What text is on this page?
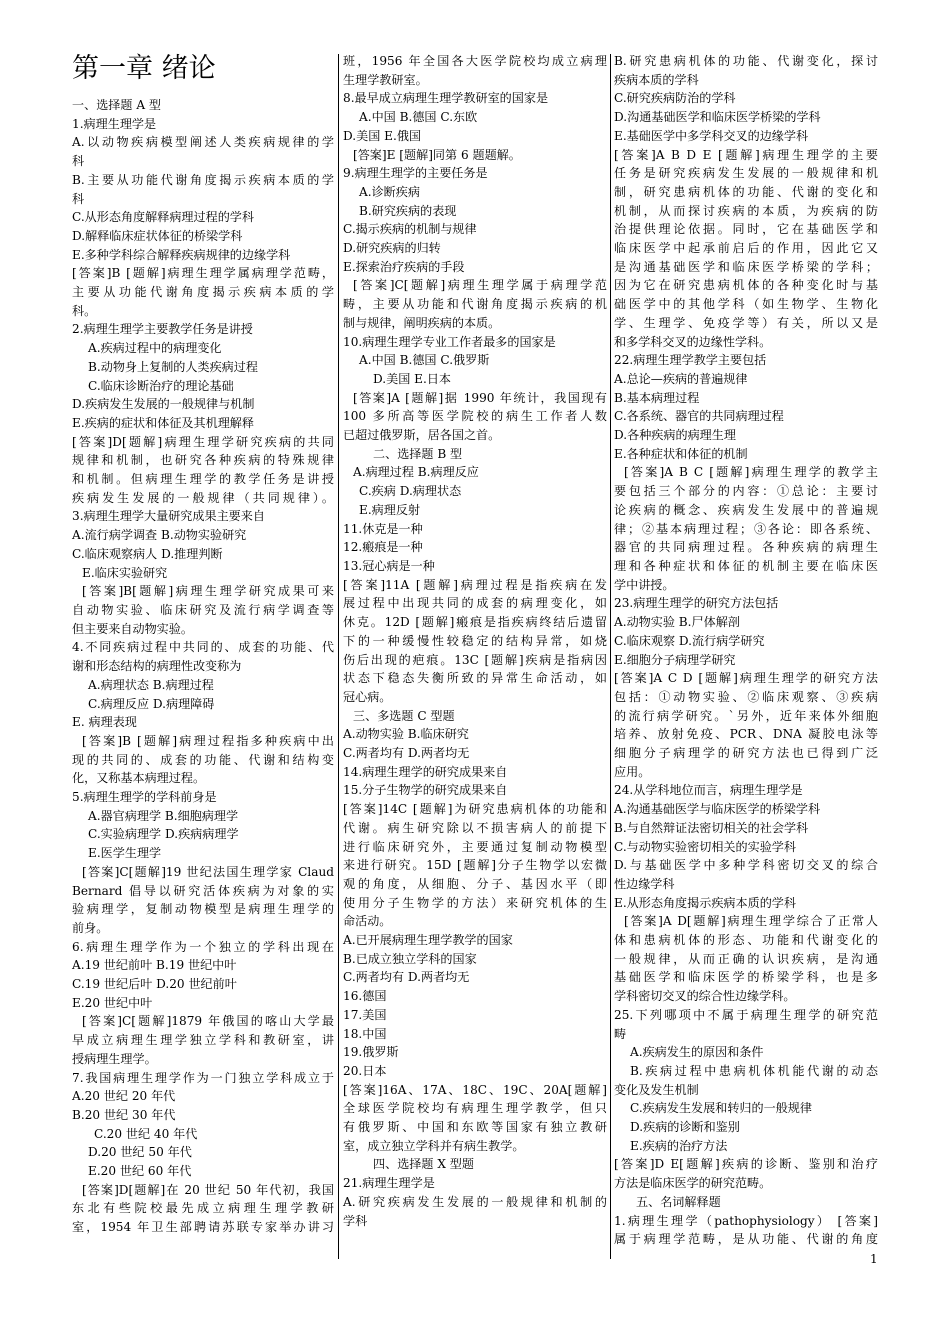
第一章 绪论
一、选择题 A 型
1.病理生理学是
A.以动物疾病模型阐述人类疾病规律的学
科
B.主要从功能代谢角度揭示疾病本质的学
科
C.从形态角度解释病理过程的学科
D.解释临床症状体征的桥梁学科
E.多种学科综合解释疾病规律的边缘学科
[答案]B [题解]病理生理学属病理学范畴，
主要从功能代谢角度揭示疾病本质的学
科。
2.病理生理学主要教学任务是讲授
A.疾病过程中的病理变化
B.动物身上复制的人类疾病过程
C.临床诊断治疗的理论基础
D.疾病发生发展的一般规律与机制
E.疾病的症状和体征及其机理解释
[答案]D[题解]病理生理学研究疾病的共同
规律和机制，也研究各种疾病的特殊规律
和机制。但病理生理学的教学任务是讲授
疾病发生发展的一般规律（共同规律）。
3.病理生理学大量研究成果主要来自
A.流行病学调查 B.动物实验研究
C.临床观察病人 D.推理判断
E.临床实验研究
[答案]B[题解]病理生理学研究成果可来
自动物实验、临床研究及流行病学调查等
但主要来自动物实验。
4.不同疾病过程中共同的、成套的功能、代
谢和形态结构的病理性改变称为
A.病理状态 B.病理过程
C.病理反应 D.病理障碍
E. 病理表现
[答案]B [题解]病理过程指多种疾病中出
现的共同的、成套的功能、代谢和结构变
化，又称基本病理过程。
5.病理生理学的学科前身是
A.器官病理学 B.细胞病理学
C.实验病理学 D.疾病病理学
E.医学生理学
[答案]C[题解]19 世纪法国生理学家 Claud
Bernard 倡导以研究活体疾病为对象的实
验病理学，复制动物模型是病理生理学的
前身。
6.病理生理学作为一个独立的学科出现在
A.19 世纪前叶 B.19 世纪中叶
C.19 世纪后叶 D.20 世纪前叶
E.20 世纪中叶
[答案]C[题解]1879 年俄国的喀山大学最
早成立病理生理学独立学科和教研室，讲
授病理生理学。
7.我国病理生理学作为一门独立学科成立于
A.20 世纪 20 年代
B.20 世纪 30 年代
C.20 世纪 40 年代
D.20 世纪 50 年代
E.20 世纪 60 年代
[答案]D[题解]在 20 世纪 50 年代初，我国
东北有些院校最先成立病理生理学教研
室，1954 年卫生部聘请苏联专家举办讲习
班，1956 年全国各大医学院校均成立病理
生理学教研室。
8.最早成立病理生理学教研室的国家是
A.中国 B.德国 C.东欧
D.美国 E.俄国
[答案]E [题解]同第 6 题题解。
9.病理生理学的主要任务是
A.诊断疾病
B.研究疾病的表现
C.揭示疾病的机制与规律
D.研究疾病的归转
E.探索治疗疾病的手段
[答案]C[题解]病理生理学属于病理学范
畴，主要从功能和代谢角度揭示疾病的机
制与规律，阐明疾病的本质。
10.病理生理学专业工作者最多的国家是
A.中国 B.德国 C.俄罗斯
D.美国 E.日本
[答案]A [题解]据 1990 年统计，我国现有
100 多所高等医学院校的病生工作者人数
已超过俄罗斯，居各国之首。
二、选择题 B 型
A.病理过程 B.病理反应
C.疾病 D.病理状态
E.病理反射
11.休克是一种
12.瘢痕是一种
13.冠心病是一种
[答案]11A [题解]病理过程是指疾病在发
展过程中出现共同的成套的病理变化，如
休克。12D [题解]瘢痕是指疾病终结后遗留
下的一种缓慢性较稳定的结构异常，如烧
伤后出现的疤痕。13C [题解]疾病是指病因
状态下稳态失衡所致的异常生命活动，如
冠心病。
三、多选题 C 型题
A.动物实验 B.临床研究
C.两者均有 D.两者均无
14.病理生理学的研究成果来自
15.分子生物学的研究成果来自
[答案]14C [题解]为研究患病机体的功能和
代谢。病生研究除以不损害病人的前提下
进行临床研究外，主要通过复制动物模型
来进行研究。15D [题解]分子生物学以宏微
观的角度，从细胞、分子、基因水平（即
使用分子生物学的方法）来研究机体的生
命活动。
A.已开展病理生理学教学的国家
B.已成立独立学科的国家
C.两者均有 D.两者均无
16.德国
17.美国
18.中国
19.俄罗斯
20.日本
[答案]16A、17A、18C、19C、20A[题解]
全球医学院校均有病理生理学教学，但只
有俄罗斯、中国和东欧等国家有独立教研
室，成立独立学科并有病生教学。
四、选择题 X 型题
21.病理生理学是
A.研究疾病发生发展的一般规律和机制的
学科
B.研究患病机体的功能、代谢变化，探讨
疾病本质的学科
C.研究疾病防治的学科
D.沟通基础医学和临床医学桥梁的学科
E.基础医学中多学科交叉的边缘学科
[答案]A B D E [题解]病理生理学的主要
任务是研究疾病发生发展的一般规律和机
制，研究患病机体的功能、代谢的变化和
机制，从而探讨疾病的本质，为疾病的防
治提供理论依据。同时，它在基础医学和
临床医学中起承前启后的作用，因此它又
是沟通基础医学和临床医学桥梁的学科；
因为它在研究患病机体的各种变化时与基
础医学中的其他学科（如生物学、生物化
学、生理学、免疫学等）有关，所以又是
和多学科交叉的边缘性学科。
22.病理生理学教学主要包括
A.总论—疾病的普遍规律
B.基本病理过程
C.各系统、器官的共同病理过程
D.各种疾病的病理生理
E.各种症状和体征的机制
[答案]A B C [题解]病理生理学的教学主
要包括三个部分的内容：①总论：主要讨
论疾病的概念、疾病发生发展中的普遍规
律；②基本病理过程；③各论：即各系统、
器官的共同病理过程。各种疾病的病理生
理和各种症状和体征的机制主要在临床医
学中讲授。
23.病理生理学的研究方法包括
A.动物实验 B.尸体解剖
C.临床观察 D.流行病学研究
E.细胞分子病理学研究
[答案]A C D [题解]病理生理学的研究方法
包括：①动物实验、②临床观察、③疾病
的流行病学研究。`另外，近年来体外细胞
培养、放射免疫、PCR、DNA 凝胶电泳等
细胞分子病理学的研究方法也已得到广泛
应用。
24.从学科地位而言，病理生理学是
A.沟通基础医学与临床医学的桥梁学科
B.与自然辩证法密切相关的社会学科
C.与动物实验密切相关的实验学科
D.与基础医学中多种学科密切交叉的综合
性边缘学科
E.从形态角度揭示疾病本质的学科
[答案]A D[题解]病理生理学综合了正常人
体和患病机体的形态、功能和代谢变化的
一般规律，从而正确的认识疾病，是沟通
基础医学和临床医学的桥梁学科，也是多
学科密切交叉的综合性边缘学科。
25.下列哪项中不属于病理生理学的研究范
畴
A.疾病发生的原因和条件
B.疾病过程中患病机体机能代谢的动态
变化及发生机制
C.疾病发生发展和转归的一般规律
D.疾病的诊断和鉴别
E.疾病的治疗方法
[答案]D E[题解]疾病的诊断、鉴别和治疗
方法是临床医学的研究范畴。
五、名词解释题
1.病理生理学（pathophysiology） [答案]
属于病理学范畴，是从功能、代谢的角度
1
